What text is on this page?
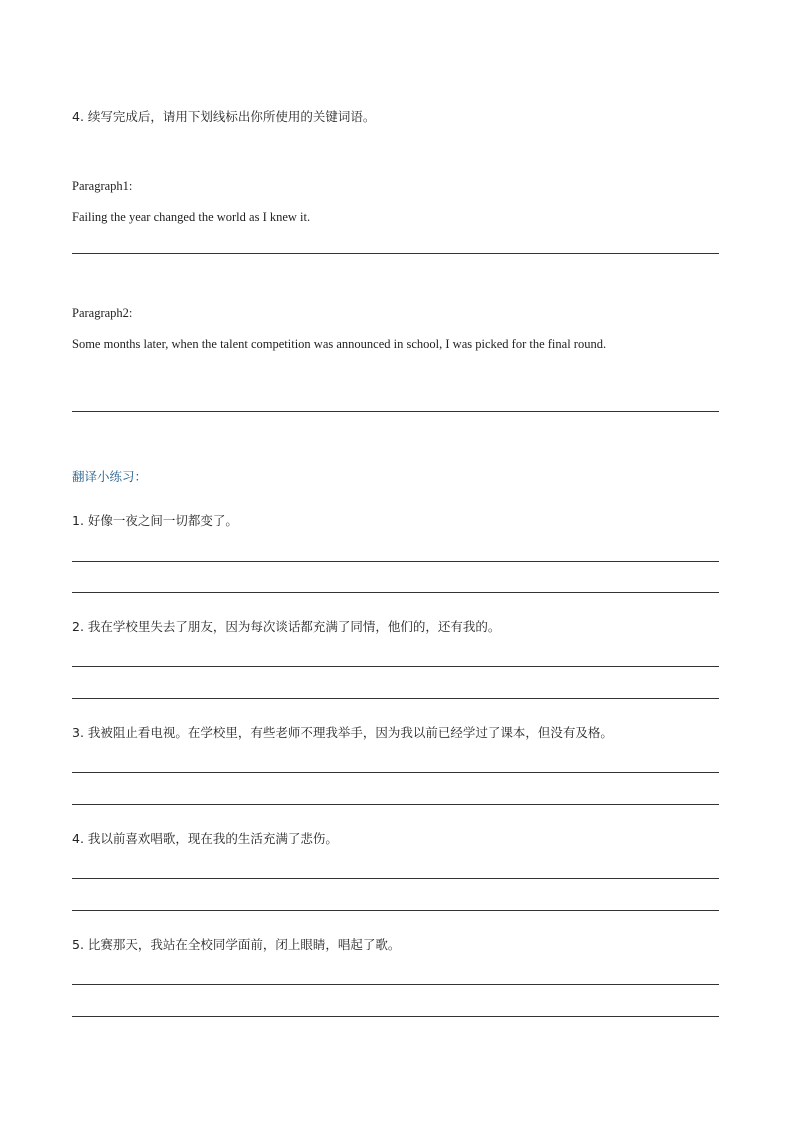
4. 续写完成后，请用下划线标出你所使用的关键词语。
Paragraph1:
Failing the year changed the world as I knew it.
Paragraph2:
Some months later, when the talent competition was announced in school, I was picked for the final round.
翻译小练习：
1. 好像一夜之间一切都变了。
2. 我在学校里失去了朋友，因为每次谈话都充满了同情，他们的，还有我的。
3. 我被阻止看电视。在学校里，有些老师不理我举手，因为我以前已经学过了课本，但没有及格。
4. 我以前喜欢唱歌，现在我的生活充满了悲伤。
5. 比赛那天，我站在全校同学面前，闭上眼睛，唱起了歌。
